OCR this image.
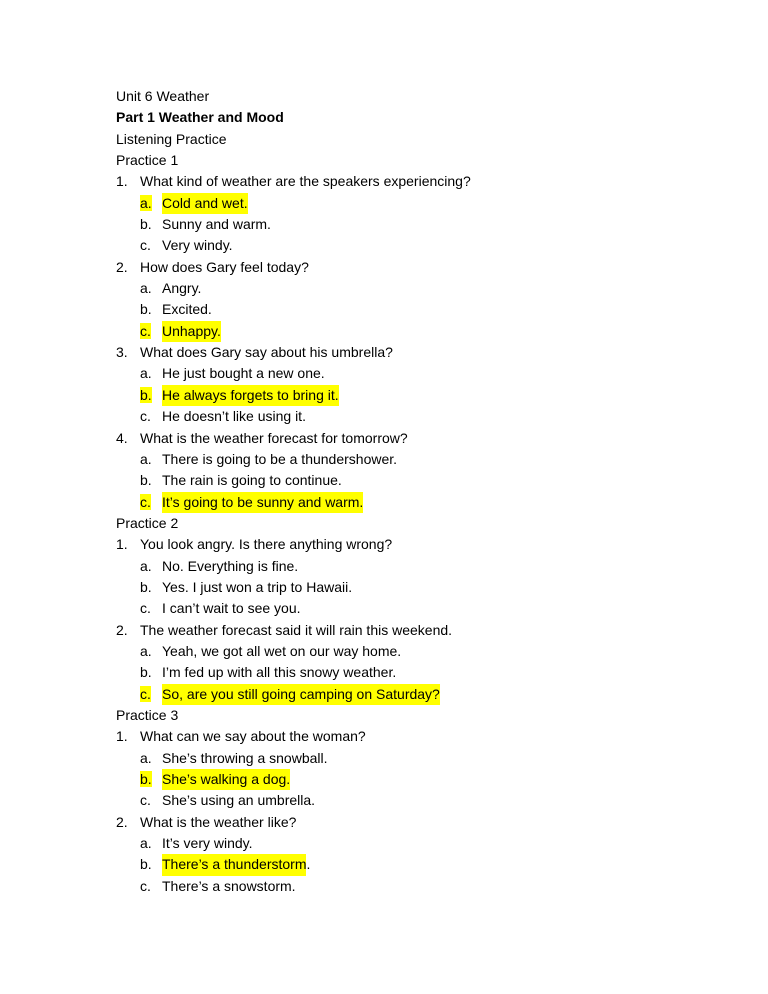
Unit 6 Weather
Part 1 Weather and Mood
Listening Practice
Practice 1
1. What kind of weather are the speakers experiencing?
a. Cold and wet.
b. Sunny and warm.
c. Very windy.
2. How does Gary feel today?
a. Angry.
b. Excited.
c. Unhappy.
3. What does Gary say about his umbrella?
a. He just bought a new one.
b. He always forgets to bring it.
c. He doesn’t like using it.
4. What is the weather forecast for tomorrow?
a. There is going to be a thundershower.
b. The rain is going to continue.
c. It’s going to be sunny and warm.
Practice 2
1. You look angry. Is there anything wrong?
a. No. Everything is fine.
b. Yes. I just won a trip to Hawaii.
c. I can’t wait to see you.
2. The weather forecast said it will rain this weekend.
a. Yeah, we got all wet on our way home.
b. I’m fed up with all this snowy weather.
c. So, are you still going camping on Saturday?
Practice 3
1. What can we say about the woman?
a. She’s throwing a snowball.
b. She’s walking a dog.
c. She’s using an umbrella.
2. What is the weather like?
a. It’s very windy.
b. There’s a thunderstorm .
c. There’s a snowstorm.
